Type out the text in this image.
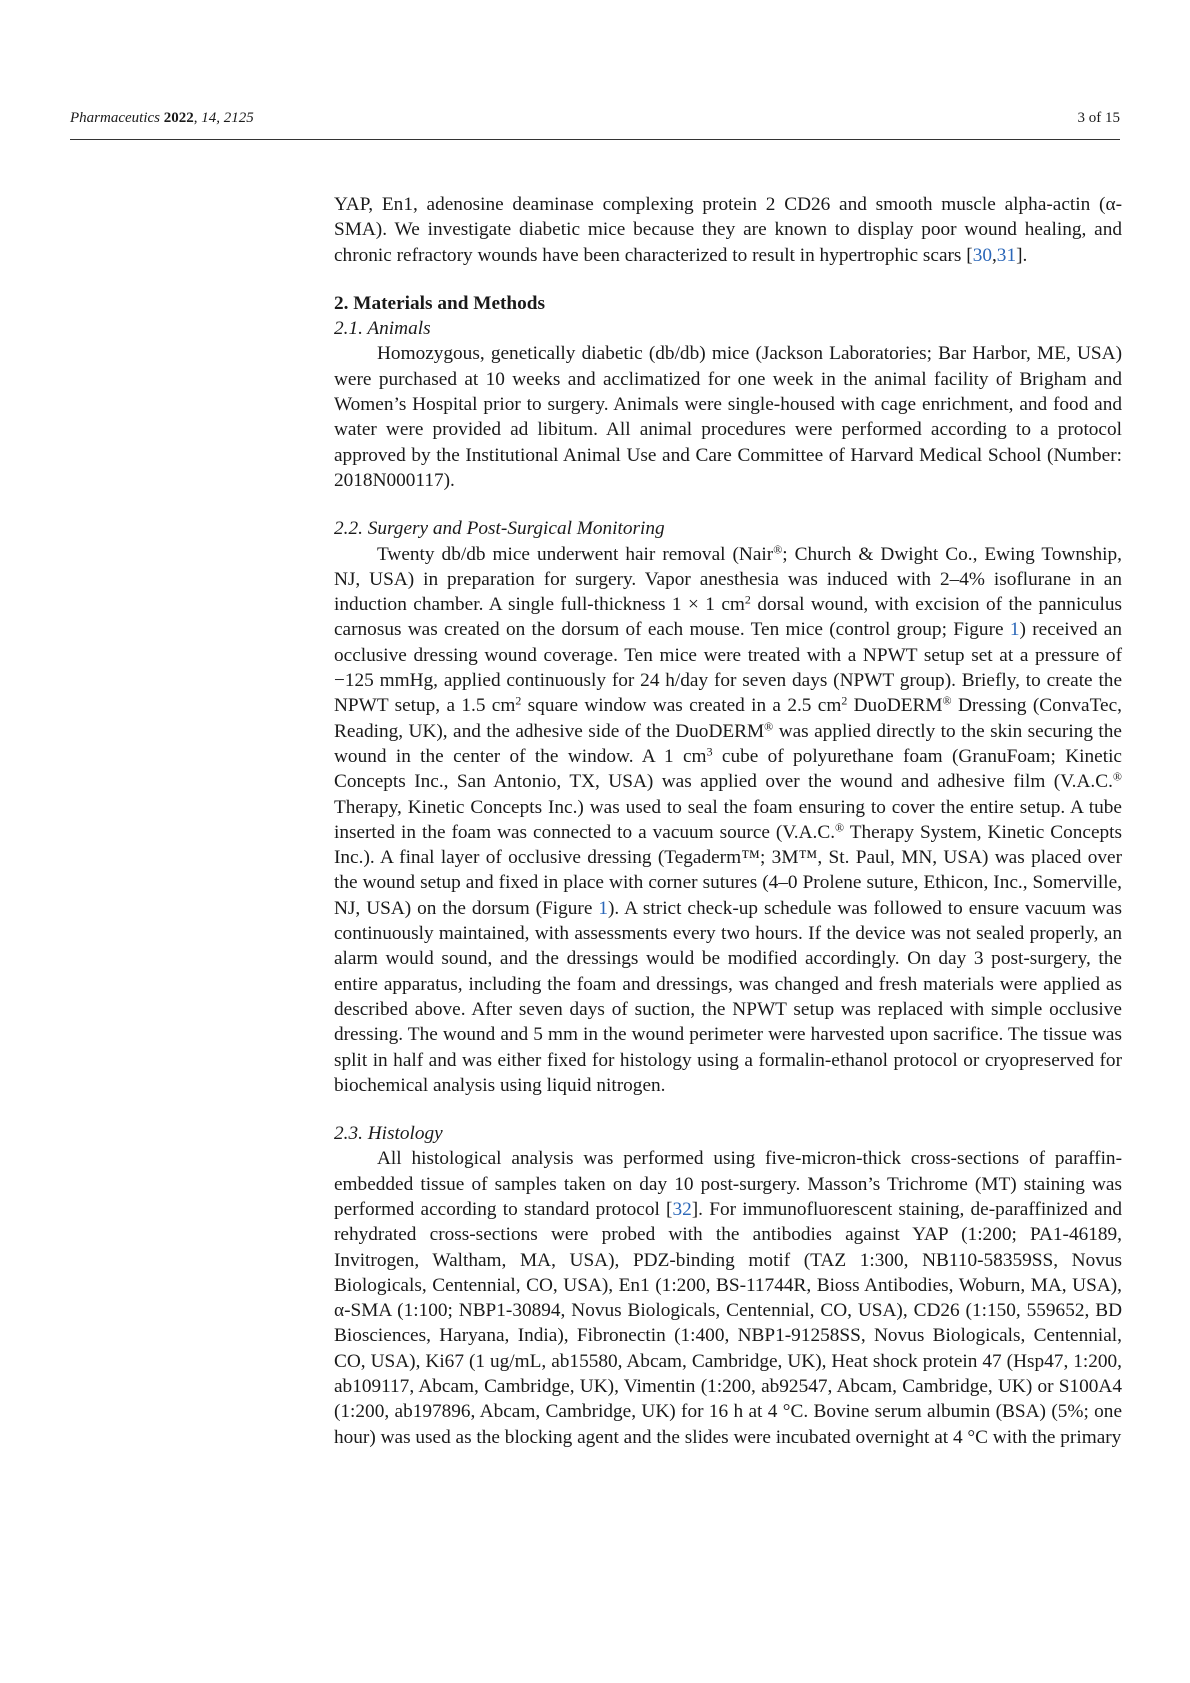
Pharmaceutics 2022, 14, 2125	3 of 15

YAP, En1, adenosine deaminase complexing protein 2 CD26 and smooth muscle alpha-actin (α-SMA). We investigate diabetic mice because they are known to display poor wound healing, and chronic refractory wounds have been characterized to result in hypertrophic scars [30,31].

2. Materials and Methods
2.1. Animals

Homozygous, genetically diabetic (db/db) mice (Jackson Laboratories; Bar Harbor, ME, USA) were purchased at 10 weeks and acclimatized for one week in the animal facility of Brigham and Women’s Hospital prior to surgery. Animals were single-housed with cage enrichment, and food and water were provided ad libitum. All animal procedures were performed according to a protocol approved by the Institutional Animal Use and Care Committee of Harvard Medical School (Number: 2018N000117).

2.2. Surgery and Post-Surgical Monitoring

Twenty db/db mice underwent hair removal (Nair®; Church & Dwight Co., Ewing Township, NJ, USA) in preparation for surgery. Vapor anesthesia was induced with 2–4% isoflurane in an induction chamber. A single full-thickness 1 × 1 $cm^2$ dorsal wound, with excision of the panniculus carnosus was created on the dorsum of each mouse. Ten mice (control group; Figure 1) received an occlusive dressing wound coverage. Ten mice were treated with a NPWT setup set at a pressure of −125 mmHg, applied continuously for 24 h/day for seven days (NPWT group). Briefly, to create the NPWT setup, a 1.5 $cm^2$ square window was created in a 2.5 $cm^2$ DuoDERM® Dressing (ConvaTec, Reading, UK), and the adhesive side of the DuoDERM® was applied directly to the skin securing the wound in the center of the window. A 1 $cm^3$ cube of polyurethane foam (GranuFoam; Kinetic Concepts Inc., San Antonio, TX, USA) was applied over the wound and adhesive film (V.A.C.® Therapy, Kinetic Concepts Inc.) was used to seal the foam ensuring to cover the entire setup. A tube inserted in the foam was connected to a vacuum source (V.A.C.® Therapy System, Kinetic Concepts Inc.). A final layer of occlusive dressing (Tegaderm™; 3M™, St. Paul, MN, USA) was placed over the wound setup and fixed in place with corner sutures (4–0 Prolene suture, Ethicon, Inc., Somerville, NJ, USA) on the dorsum (Figure 1). A strict check-up schedule was followed to ensure vacuum was continuously maintained, with assessments every two hours. If the device was not sealed properly, an alarm would sound, and the dressings would be modified accordingly. On day 3 post-surgery, the entire apparatus, including the foam and dressings, was changed and fresh materials were applied as described above. After seven days of suction, the NPWT setup was replaced with simple occlusive dressing. The wound and 5 mm in the wound perimeter were harvested upon sacrifice. The tissue was split in half and was either fixed for histology using a formalin-ethanol protocol or cryopreserved for biochemical analysis using liquid nitrogen.

2.3. Histology

All histological analysis was performed using five-micron-thick cross-sections of paraffin- embedded tissue of samples taken on day 10 post-surgery. Masson’s Trichrome (MT) staining was performed according to standard protocol [32]. For immunofluorescent staining, de-paraffinized and rehydrated cross-sections were probed with the antibodies against YAP (1:200; PA1-46189, Invitrogen, Waltham, MA, USA), PDZ-binding motif (TAZ 1:300, NB110-58359SS, Novus Biologicals, Centennial, CO, USA), En1 (1:200, BS-11744R, Bioss Antibodies, Woburn, MA, USA), α-SMA (1:100; NBP1-30894, Novus Biologicals, Centennial, CO, USA), CD26 (1:150, 559652, BD Biosciences, Haryana, India), Fibronectin (1:400, NBP1-91258SS, Novus Biologicals, Centennial, CO, USA), Ki67 (1 ug/mL, ab15580, Abcam, Cambridge, UK), Heat shock protein 47 (Hsp47, 1:200, ab109117, Abcam, Cambridge, UK), Vimentin (1:200, ab92547, Abcam, Cambridge, UK) or S100A4 (1:200, ab197896, Abcam, Cambridge, UK) for 16 h at 4 °C. Bovine serum albumin (BSA) (5%; one hour) was used as the blocking agent and the slides were incubated overnight at 4 °C with the primary
